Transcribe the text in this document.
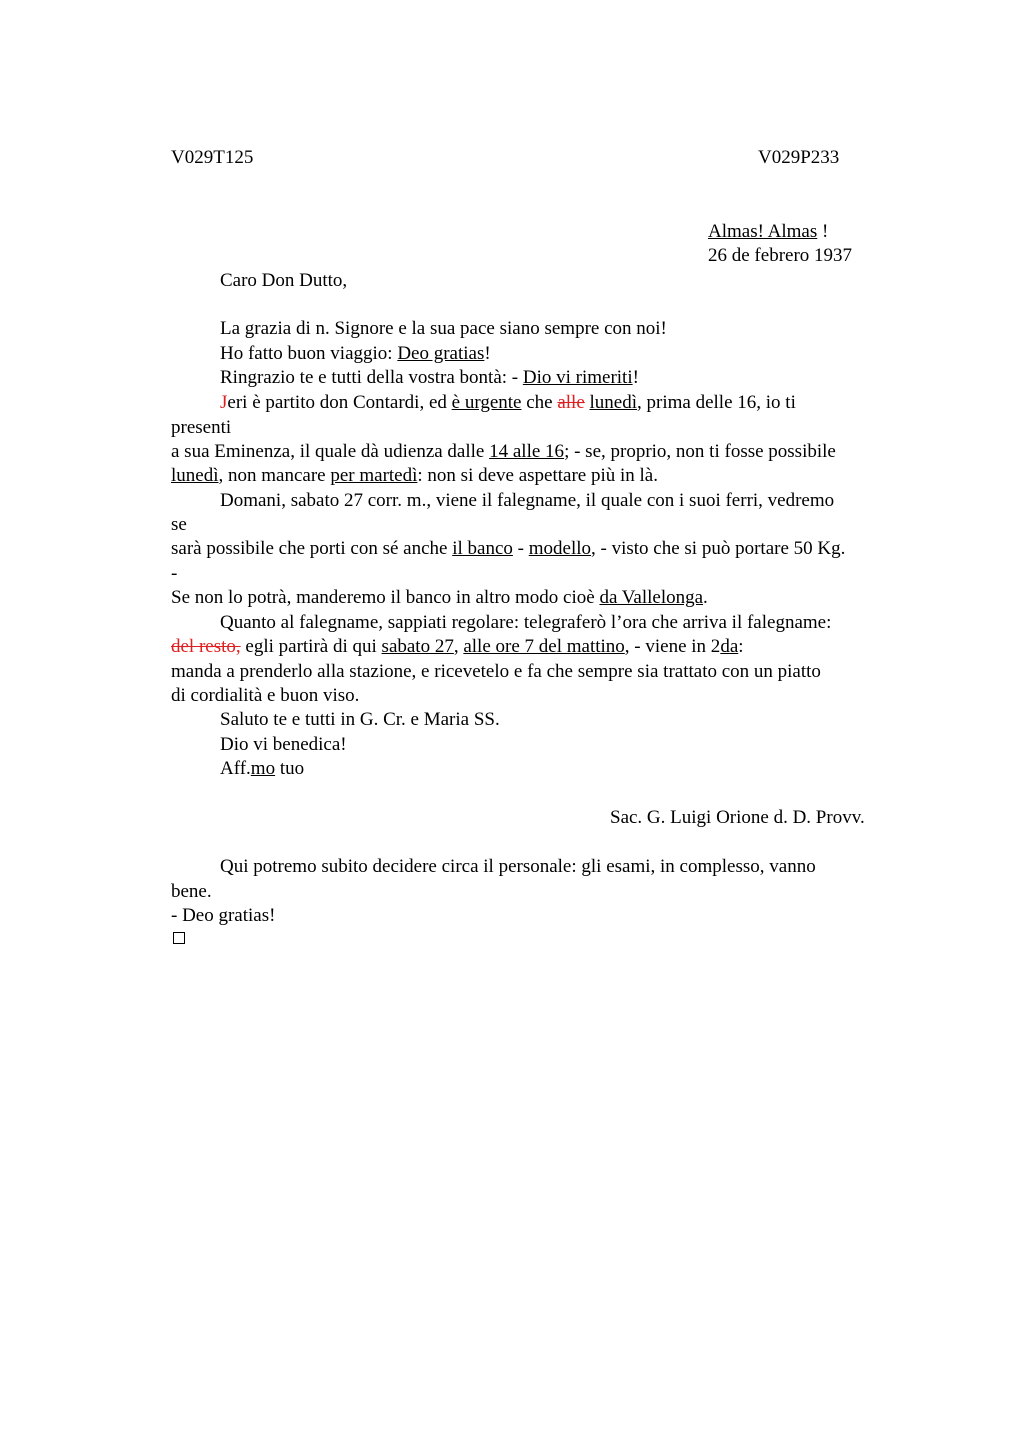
V029T125	V029P233
Almas! Almas !
26 de febrero 1937
Caro Don Dutto,
La grazia di n. Signore e la sua pace siano sempre con noi!
Ho fatto buon viaggio: Deo gratias!
Ringrazio te e tutti della vostra bontà: - Dio vi rimeriti!
Jeri è partito don Contardi, ed è urgente che alle lunedì, prima delle 16, io ti
presenti
a sua Eminenza, il quale dà udienza dalle 14 alle 16; - se, proprio, non ti fosse possibile
lunedì, non mancare per martedì: non si deve aspettare più in là.
Domani, sabato 27 corr. m., viene il falegname, il quale con i suoi ferri, vedremo
se
sarà possibile che porti con sé anche il banco - modello, - visto che si può portare 50 Kg.
-
Se non lo potrà, manderemo il banco in altro modo cioè da Vallelonga.
Quanto al falegname, sappiati regolare: telegraferò l’ora che arriva il falegname:
del resto, egli partirà di qui sabato 27, alle ore 7 del mattino, - viene in 2da:
manda a prenderlo alla stazione, e ricevetelo e fa che sempre sia trattato con un piatto
di cordialità e buon viso.
Saluto te e tutti in G. Cr. e Maria SS.
Dio vi benedica!
Aff.mo tuo
Sac. G. Luigi Orione d. D. Provv.
Qui potremo subito decidere circa il personale: gli esami, in complesso, vanno
bene.
- Deo gratias!
